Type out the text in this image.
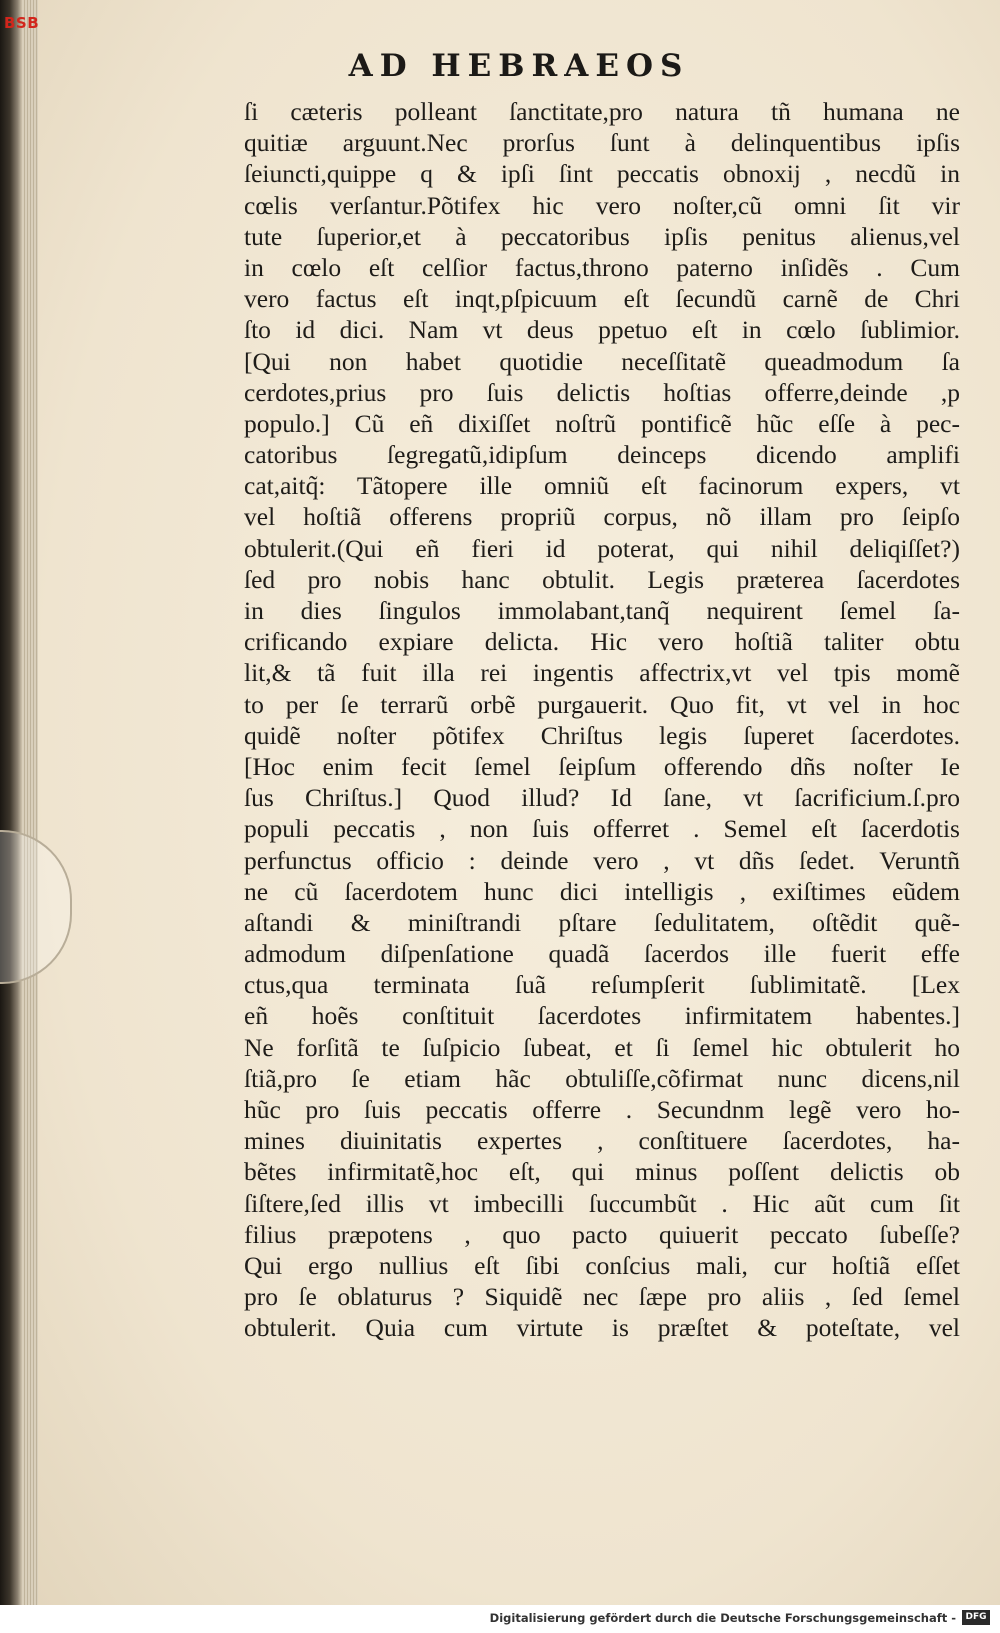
AD HEBRAEOS
ſi cæteris polleant ſanctitate,pro natura tñ humana ne
quitiæ arguunt.Nec prorſus ſunt à delinquentibus ipſis
ſeiuncti,quippe q & ipſi ſint peccatis obnoxij , necdũ in
cœlis verſantur.Põtifex hic vero noſter,cũ omni ſit vir
tute ſuperior,et à peccatoribus ipſis penitus alienus,vel
in cœlo eſt celſior factus,throno paterno inſidẽs . Cum
vero factus eſt inqt,pſpicuum eſt ſecundũ carnẽ de Chri
ſto id dici. Nam vt deus ppetuo eſt in cœlo ſublimior.
[Qui non habet quotidie neceſſitatẽ queadmodum ſa
cerdotes,prius pro ſuis delictis hoſtias offerre,deinde ,p
populo.] Cũ eñ dixiſſet noſtrũ pontificẽ hũc eſſe à pec-
catoribus ſegregatũ,idipſum deinceps dicendo amplifi
cat,aitq̃: Tãtopere ille omniũ eſt facinorum expers, vt
vel hoſtiã offerens propriũ corpus, nõ illam pro ſeipſo
obtulerit.(Qui eñ fieri id poterat, qui nihil deliqiſſet?)
ſed pro nobis hanc obtulit. Legis præterea ſacerdotes
in dies ſingulos immolabant,tanq̃ nequirent ſemel ſa-
crificando expiare delicta. Hic vero hoſtiã taliter obtu
lit,& tã fuit illa rei ingentis affectrix,vt vel tpis momẽ
to per ſe terrarũ orbẽ purgauerit. Quo fit, vt vel in hoc
quidẽ noſter põtifex Chriſtus legis ſuperet ſacerdotes.
[Hoc enim fecit ſemel ſeipſum offerendo dñs noſter Ie
ſus Chriſtus.] Quod illud? Id ſane, vt ſacrificium.ſ.pro
populi peccatis , non ſuis offerret . Semel eſt ſacerdotis
perfunctus officio : deinde vero , vt dñs ſedet. Veruntñ
ne cũ ſacerdotem hunc dici intelligis , exiſtimes eũdem
aſtandi & miniſtrandi pſtare ſedulitatem, oſtẽdit quẽ-
admodum diſpenſatione quadã ſacerdos ille fuerit effe
ctus,qua terminata ſuã reſumpſerit ſublimitatẽ. [Lex
eñ hoẽs conſtituit ſacerdotes infirmitatem habentes.]
Ne forſitã te ſuſpicio ſubeat, et ſi ſemel hic obtulerit ho
ſtiã,pro ſe etiam hãc obtuliſſe,cõfirmat nunc dicens,nil
hũc pro ſuis peccatis offerre . Secundnm legẽ vero ho-
mines diuinitatis expertes , conſtituere ſacerdotes, ha-
bẽtes infirmitatẽ,hoc eſt, qui minus poſſent delictis ob
ſiſtere,ſed illis vt imbecilli ſuccumbũt . Hic aũt cum ſit
filius præpotens , quo pacto quiuerit peccato ſubeſſe?
Qui ergo nullius eſt ſibi conſcius mali, cur hoſtiã eſſet
pro ſe oblaturus ? Siquidẽ nec ſæpe pro aliis , ſed ſemel
obtulerit. Quia cum virtute is præſtet & poteſtate, vel
BSB
Digitalisierung gefördert durch die Deutsche Forschungsgemeinschaft -	DFG
